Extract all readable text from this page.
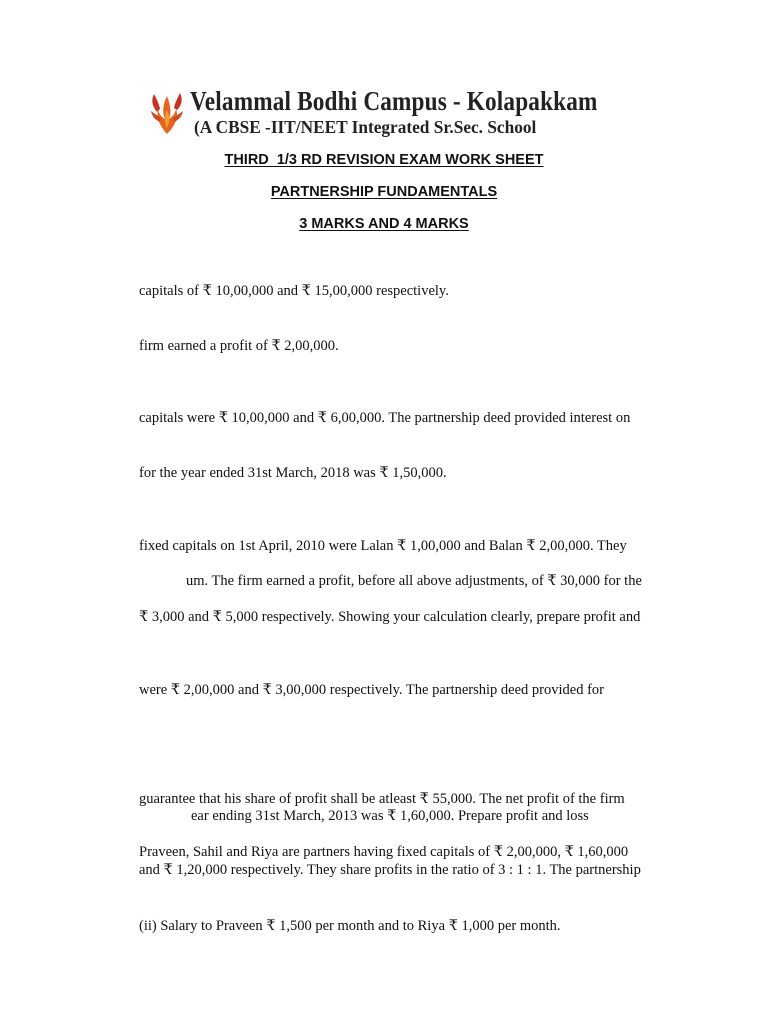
Velammal Bodhi Campus - Kolapakkam
(A CBSE -IIT/NEET Integrated Sr.Sec. School
THIRD  1/3 RD REVISION EXAM WORK SHEET
PARTNERSHIP FUNDAMENTALS
3 MARKS AND 4 MARKS
capitals of ₹ 10,00,000 and ₹ 15,00,000 respectively.
firm earned a profit of ₹ 2,00,000.
capitals were ₹ 10,00,000 and ₹ 6,00,000. The partnership deed provided interest on
for the year ended 31st March, 2018 was ₹ 1,50,000.
fixed capitals on 1st April, 2010 were Lalan ₹ 1,00,000 and Balan ₹ 2,00,000. They
um. The firm earned a profit, before all above adjustments, of ₹ 30,000 for the
₹ 3,000 and ₹ 5,000 respectively. Showing your calculation clearly, prepare profit and
were ₹ 2,00,000 and ₹ 3,00,000 respectively. The partnership deed provided for
guarantee that his share of profit shall be atleast ₹ 55,000. The net profit of the firm
ear ending 31st March, 2013 was ₹ 1,60,000. Prepare profit and loss
Praveen, Sahil and Riya are partners having fixed capitals of ₹ 2,00,000, ₹ 1,60,000
and ₹ 1,20,000 respectively. They share profits in the ratio of 3 : 1 : 1. The partnership
(ii) Salary to Praveen ₹ 1,500 per month and to Riya ₹ 1,000 per month.
